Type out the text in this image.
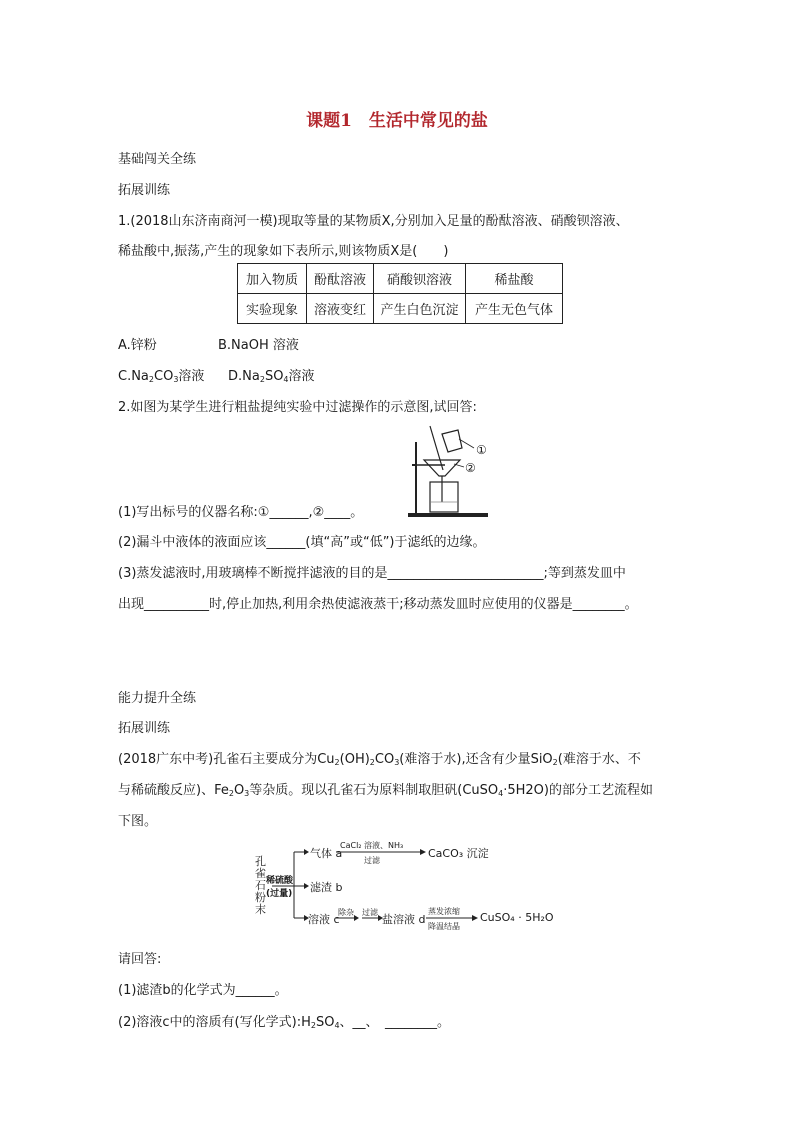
课题1　生活中常见的盐
基础闯关全练
拓展训练
1.(2018山东济南商河一模)现取等量的某物质X,分别加入足量的酚酞溶液、硝酸钡溶液、
稀盐酸中,振荡,产生的现象如下表所示,则该物质X是(　　)
加入物质	酚酞溶液	硝酸钡溶液	稀盐酸
实验现象	溶液变红	产生白色沉淀	产生无色气体
A.锌粉	B.NaOH 溶液
$C.Na_2CO_3$溶液 $D.Na_2SO_4$溶液
2.如图为某学生进行粗盐提纯实验中过滤操作的示意图,试回答:
①
②
(1)写出标号的仪器名称:①______,②____。
(2)漏斗中液体的液面应该______(填“高”或“低”)于滤纸的边缘。
(3)蒸发滤液时,用玻璃棒不断搅拌滤液的目的是________________________;等到蒸发皿中
出现__________时,停止加热,利用余热使滤液蒸干;移动蒸发皿时应使用的仪器是________。
能力提升全练
拓展训练
(2018广东中考)孔雀石主要成分为$Cu_2(OH)_2CO_3$(难溶于水),还含有少量SiO$_2$(难溶于水、不
与稀硫酸反应)、$Fe_2O_3$等杂质。现以孔雀石为原料制取胆矾(CuSO$_4$·5H2O)的部分工艺流程如
下图。
孔
雀
石
粉
末
稀硫酸
(过量)
气体 a
CaCl₂ 溶液、NH₃
过滤
CaCO₃ 沉淀
滤渣 b
溶液 c
除杂 过滤
盐溶液 d
蒸发浓缩
降温结晶
CuSO₄ · 5H₂O
请回答:
(1)滤渣b的化学式为______。
(2)溶液c中的溶质有(写化学式)$:H_2SO_4$、__、　________。
